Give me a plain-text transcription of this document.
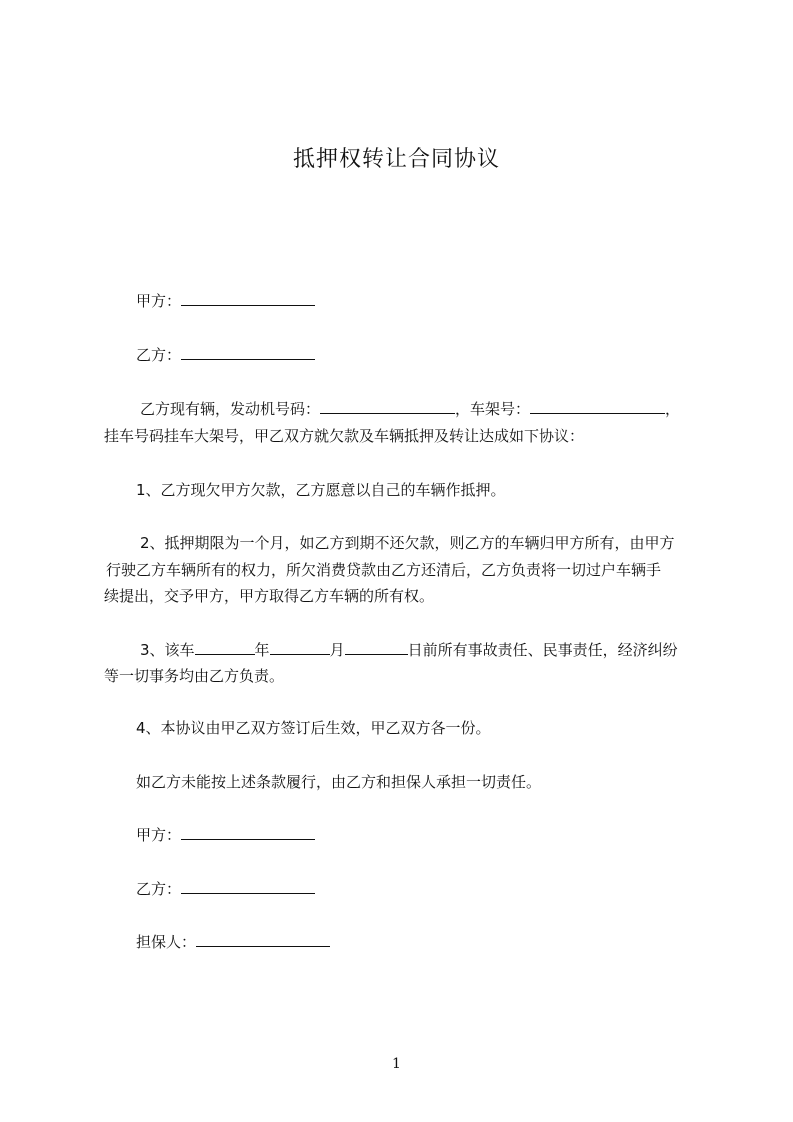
抵押权转让合同协议
甲方：
乙方：
乙方现有辆，发动机号码：	，车架号：	，
挂车号码挂车大架号，甲乙双方就欠款及车辆抵押及转让达成如下协议：
1、乙方现欠甲方欠款，乙方愿意以自己的车辆作抵押。
2、抵押期限为一个月，如乙方到期不还欠款，则乙方的车辆归甲方所有，由甲方
行驶乙方车辆所有的权力，所欠消费贷款由乙方还清后，乙方负责将一切过户车辆手
续提出，交予甲方，甲方取得乙方车辆的所有权。
3、该车	年	月	日前所有事故责任、民事责任，经济纠纷
等一切事务均由乙方负责。
4、本协议由甲乙双方签订后生效，甲乙双方各一份。
如乙方未能按上述条款履行，由乙方和担保人承担一切责任。
甲方：
乙方：
担保人：
1
